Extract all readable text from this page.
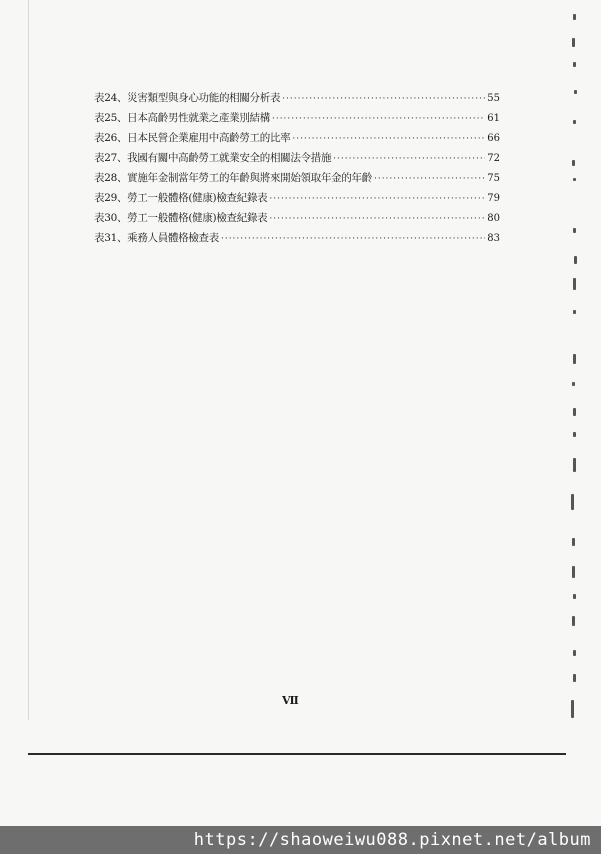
表24、災害類型與身心功能的相關分析表 ·····	55
表25、日本高齡男性就業之產業別結構 ·····	61
表26、日本民營企業雇用中高齡勞工的比率 ·····	66
表27、我國有關中高齡勞工就業安全的相關法令措施 ·····	72
表28、實施年金制當年勞工的年齡與將來開始領取年金的年齡 ·····	75
表29、勞工一般體格(健康)檢查紀錄表 ·····	79
表30、勞工一般體格(健康)檢查紀錄表 ·····	80
表31、乘務人員體格檢查表 ·····	83
Ⅶ
https://shaoweiwu088.pixnet.net/album
